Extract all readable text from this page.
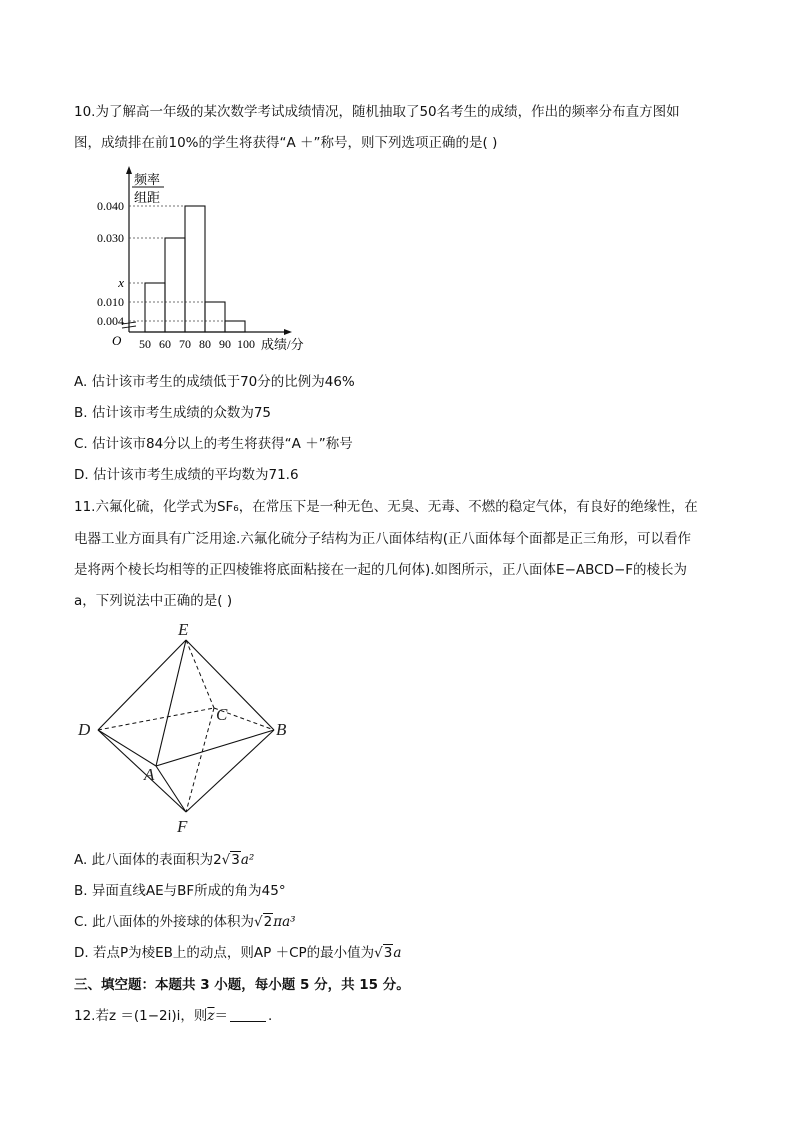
10.为了解高一年级的某次数学考试成绩情况，随机抽取了50名考生的成绩，作出的频率分布直方图如
图，成绩排在前10%的学生将获得“A ＋”称号，则下列选项正确的是( )
频率
组距
0.040
0.030
x
0.010
0.004
O 50 60 70 80 90 100 成绩/分
A. 估计该市考生的成绩低于70分的比例为46%
B. 估计该市考生成绩的众数为75
C. 估计该市84分以上的考生将获得“A ＋”称号
D. 估计该市考生成绩的平均数为71.6
11.六氟化硫，化学式为SF₆，在常压下是一种无色、无臭、无毒、不燃的稳定气体，有良好的绝缘性，在
电器工业方面具有广泛用途.六氟化硫分子结构为正八面体结构(正八面体每个面都是正三角形，可以看作
是将两个棱长均相等的正四棱锥将底面粘接在一起的几何体).如图所示，正八面体E−ABCD−F的棱长为
a，下列说法中正确的是( )
E
C
D	B
A
F
A. 此八面体的表面积为2√3a²
B. 异面直线AE与BF所成的角为45°
C. 此八面体的外接球的体积为√2πa³
D. 若点P为棱EB上的动点，则AP ＋CP的最小值为√3a
三、填空题：本题共 3 小题，每小题 5 分，共 15 分。
12.若z ＝(1−2i)i，则$\overline{z}=$	.
